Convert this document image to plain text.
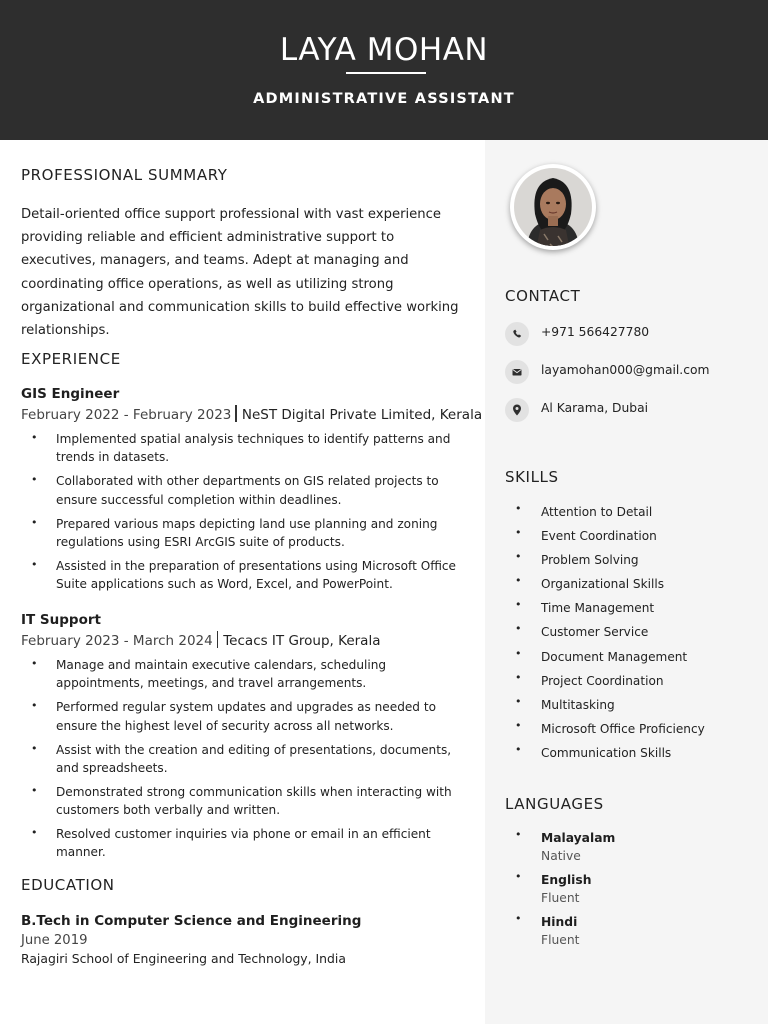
LAYA MOHAN
ADMINISTRATIVE ASSISTANT
PROFESSIONAL SUMMARY

Detail-oriented office support professional with vast experience providing reliable and efficient administrative support to executives, managers, and teams. Adept at managing and coordinating office operations, as well as utilizing strong organizational and communication skills to build effective working relationships.

EXPERIENCE
GIS Engineer
February 2022 - February 2023 NeST Digital Private Limited, Kerala
• Implemented spatial analysis techniques to identify patterns and trends in datasets.
• Collaborated with other departments on GIS related projects to ensure successful completion within deadlines.
• Prepared various maps depicting land use planning and zoning regulations using ESRI ArcGIS suite of products.
• Assisted in the preparation of presentations using Microsoft Office Suite applications such as Word, Excel, and PowerPoint.
IT Support
February 2023 - March 2024 Tecacs IT Group, Kerala
• Manage and maintain executive calendars, scheduling appointments, meetings, and travel arrangements.
• Performed regular system updates and upgrades as needed to ensure the highest level of security across all networks.
• Assist with the creation and editing of presentations, documents, and spreadsheets.
• Demonstrated strong communication skills when interacting with customers both verbally and written.
• Resolved customer inquiries via phone or email in an efficient manner.
EDUCATION
B.Tech in Computer Science and Engineering
June 2019
Rajagiri School of Engineering and Technology, India
CONTACT
+971 566427780
layamohan000@gmail.com
Al Karama, Dubai
SKILLS
• Attention to Detail
• Event Coordination
• Problem Solving
• Organizational Skills
• Time Management
• Customer Service
• Document Management
• Project Coordination
• Multitasking
• Microsoft Office Proficiency
• Communication Skills
LANGUAGES
• Malayalam
Native
• English
Fluent
• Hindi
Fluent
